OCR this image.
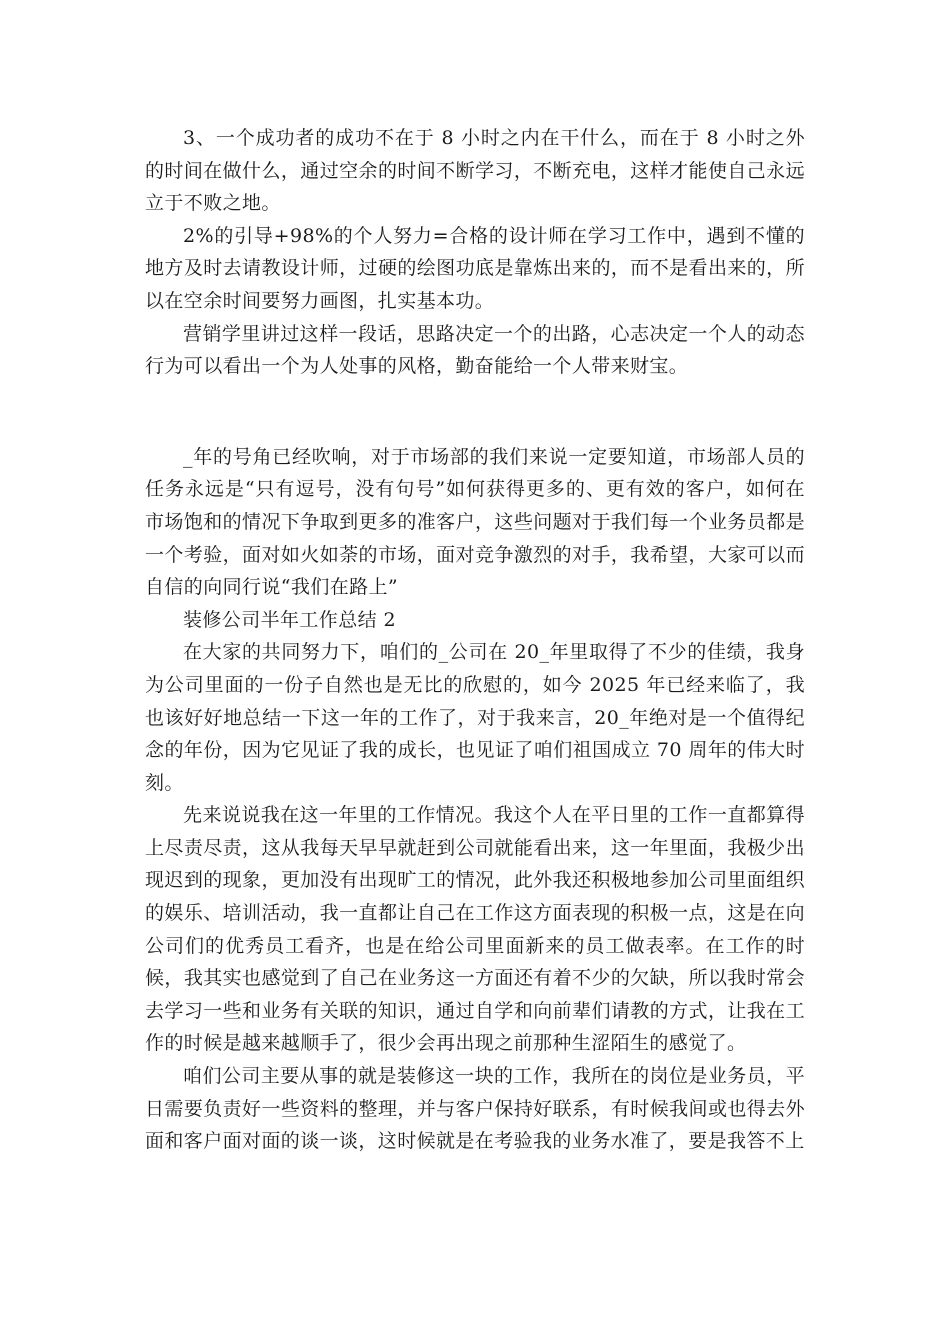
3、一个成功者的成功不在于 8 小时之内在干什么，而在于 8 小时之外的时间在做什么，通过空余的时间不断学习，不断充电，这样才能使自己永远立于不败之地。

2%的引导+98%的个人努力=合格的设计师在学习工作中，遇到不懂的地方及时去请教设计师，过硬的绘图功底是靠炼出来的，而不是看出来的，所以在空余时间要努力画图，扎实基本功。

营销学里讲过这样一段话，思路决定一个的出路，心志决定一个人的动态行为可以看出一个为人处事的风格，勤奋能给一个人带来财宝。

_年的号角已经吹响，对于市场部的我们来说一定要知道，市场部人员的任务永远是“只有逗号，没有句号”如何获得更多的、更有效的客户，如何在市场饱和的情况下争取到更多的准客户，这些问题对于我们每一个业务员都是一个考验，面对如火如荼的市场，面对竞争激烈的对手，我希望，大家可以而自信的向同行说“我们在路上”

装修公司半年工作总结 2

在大家的共同努力下，咱们的_公司在 20_年里取得了不少的佳绩，我身为公司里面的一份子自然也是无比的欣慰的，如今 2025 年已经来临了，我也该好好地总结一下这一年的工作了，对于我来言，20_年绝对是一个值得纪念的年份，因为它见证了我的成长，也见证了咱们祖国成立 70 周年的伟大时刻。

先来说说我在这一年里的工作情况。我这个人在平日里的工作一直都算得上尽责尽责，这从我每天早早就赶到公司就能看出来，这一年里面，我极少出现迟到的现象，更加没有出现旷工的情况，此外我还积极地参加公司里面组织的娱乐、培训活动，我一直都让自己在工作这方面表现的积极一点，这是在向公司们的优秀员工看齐，也是在给公司里面新来的员工做表率。在工作的时候，我其实也感觉到了自己在业务这一方面还有着不少的欠缺，所以我时常会去学习一些和业务有关联的知识，通过自学和向前辈们请教的方式，让我在工作的时候是越来越顺手了，很少会再出现之前那种生涩陌生的感觉了。

咱们公司主要从事的就是装修这一块的工作，我所在的岗位是业务员，平日需要负责好一些资料的整理，并与客户保持好联系，有时候我间或也得去外面和客户面对面的谈一谈，这时候就是在考验我的业务水准了，要是我答不上
